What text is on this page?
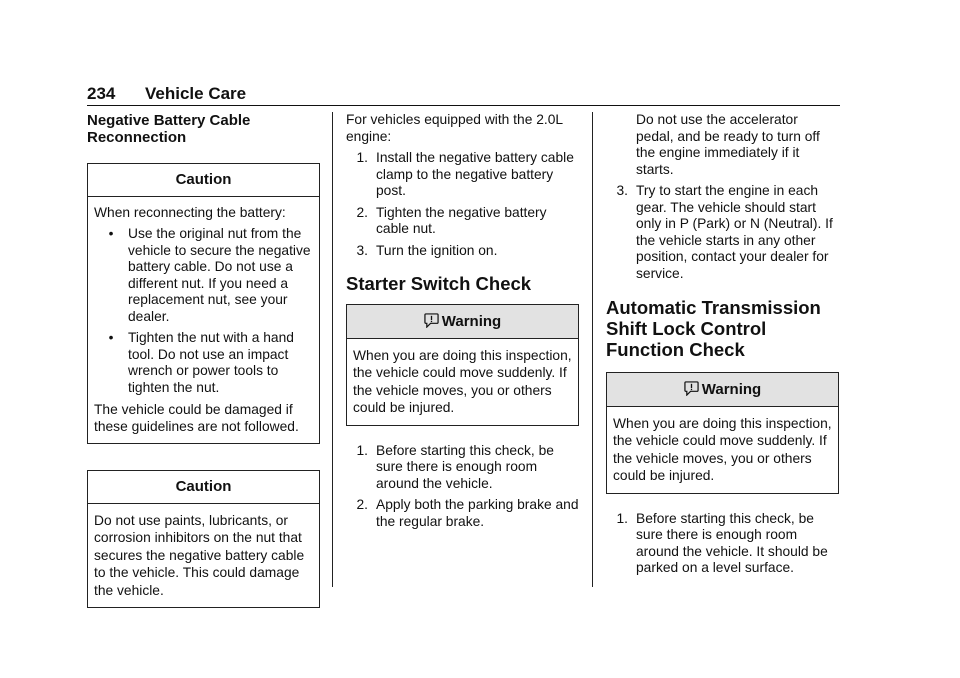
234 Vehicle Care

Negative Battery Cable Reconnection

Caution

When reconnecting the battery:

•	Use the original nut from the vehicle to secure the negative battery cable. Do not use a different nut. If you need a replacement nut, see your dealer.
•	Tighten the nut with a hand tool. Do not use an impact wrench or power tools to tighten the nut.

The vehicle could be damaged if these guidelines are not followed.

Caution
Do not use paints, lubricants, or corrosion inhibitors on the nut that secures the negative battery cable to the vehicle. This could damage the vehicle.

For vehicles equipped with the 2.0L engine:

1. Install the negative battery cable clamp to the negative battery post.
2. Tighten the negative battery cable nut.
3. Turn the ignition on.

Starter Switch Check

Warning
When you are doing this inspection, the vehicle could move suddenly. If the vehicle moves, you or others could be injured.
1. Before starting this check, be sure there is enough room around the vehicle.
2. Apply both the parking brake and the regular brake.

Do not use the accelerator pedal, and be ready to turn off the engine immediately if it starts.

3. Try to start the engine in each gear. The vehicle should start only in P (Park) or N (Neutral). If the vehicle starts in any other position, contact your dealer for service.

Automatic Transmission Shift Lock Control Function Check

Warning
When you are doing this inspection, the vehicle could move suddenly. If the vehicle moves, you or others could be injured.
1. Before starting this check, be sure there is enough room around the vehicle. It should be parked on a level surface.
